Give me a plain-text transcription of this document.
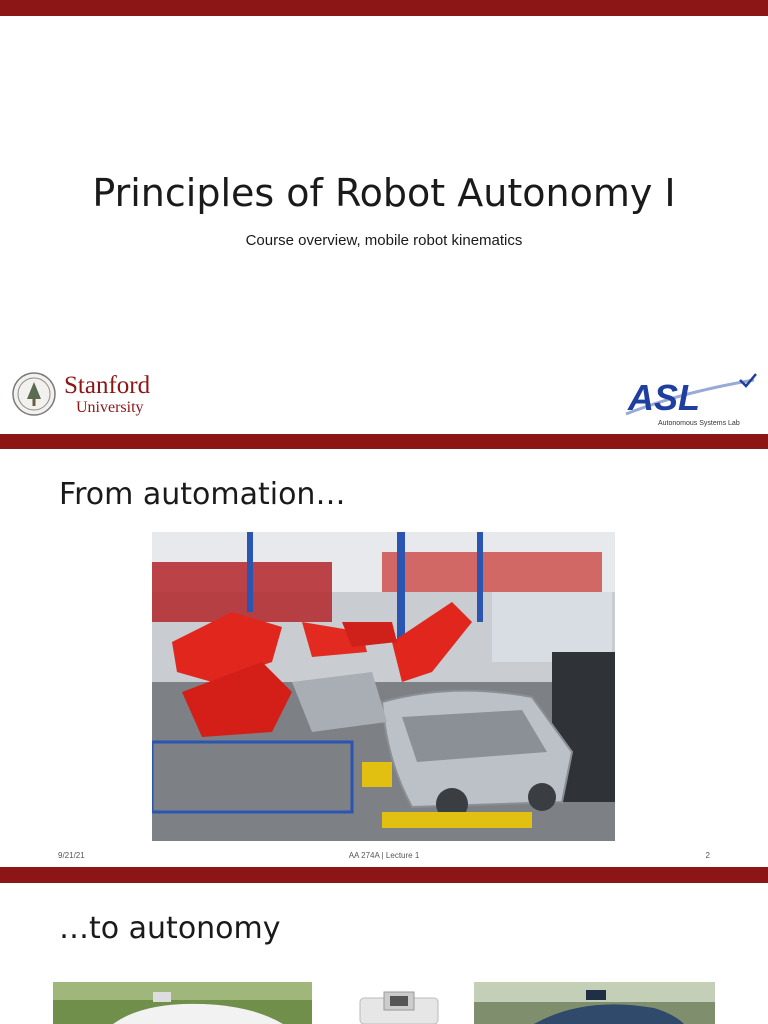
Principles of Robot Autonomy I
Course overview, mobile robot kinematics
Stanford
University	ASL
Autonomous Systems Lab
From automation…
9/21/21	AA 274A | Lecture 1	2
…to autonomy
